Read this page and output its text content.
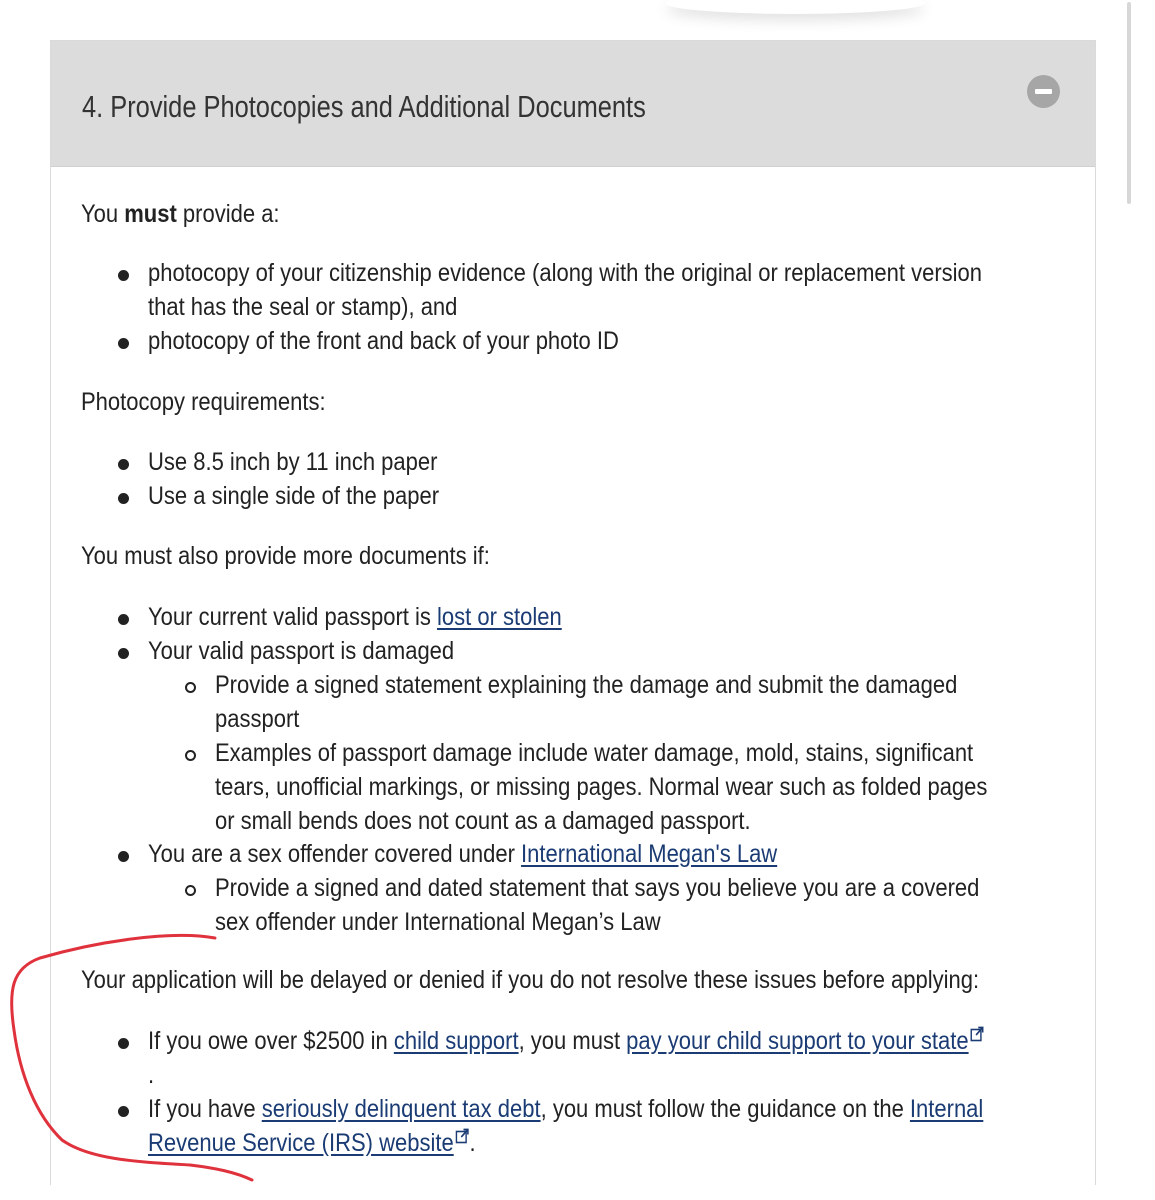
4. Provide Photocopies and Additional Documents

You must provide a:

photocopy of your citizenship evidence (along with the original or replacement version
that has the seal or stamp), and

photocopy of the front and back of your photo ID

Photocopy requirements:

Use 8.5 inch by 11 inch paper

Use a single side of the paper

You must also provide more documents if:

Your current valid passport is lost or stolen

Your valid passport is damaged

Provide a signed statement explaining the damage and submit the damaged
passport

Examples of passport damage include water damage, mold, stains, significant
tears, unofficial markings, or missing pages. Normal wear such as folded pages
or small bends does not count as a damaged passport.

You are a sex offender covered under International Megan's Law

Provide a signed and dated statement that says you believe you are a covered
sex offender under International Megan’s Law

Your application will be delayed or denied if you do not resolve these issues before applying:

If you owe over $2500 in child support, you must pay your child support to your state
.

If you have seriously delinquent tax debt, you must follow the guidance on the Internal
Revenue Service (IRS) website .
